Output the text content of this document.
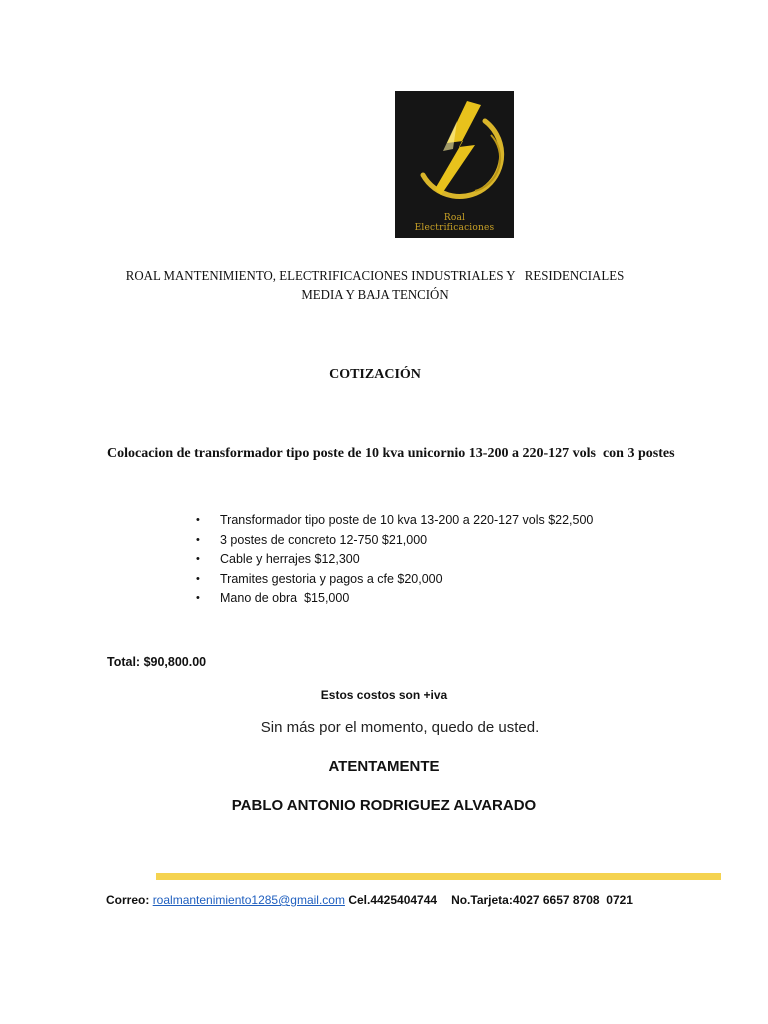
Roal
Electrificaciones
ROAL MANTENIMIENTO, ELECTRIFICACIONES INDUSTRIALES Y   RESIDENCIALES
MEDIA Y BAJA TENCIÓN
COTIZACIÓN
Colocacion de transformador tipo poste de 10 kva unicornio 13-200 a 220-127 vols  con 3 postes
• Transformador tipo poste de 10 kva 13-200 a 220-127 vols $22,500
• 3 postes de concreto 12-750 $21,000
• Cable y herrajes $12,300
• Tramites gestoria y pagos a cfe $20,000
• Mano de obra  $15,000
Total: $90,800.00
Estos costos son +iva
Sin más por el momento, quedo de usted.
ATENTAMENTE
PABLO ANTONIO RODRIGUEZ ALVARADO
Correo: roalmantenimiento1285@gmail.com Cel.4425404744 No.Tarjeta:4027 6657 8708  0721
